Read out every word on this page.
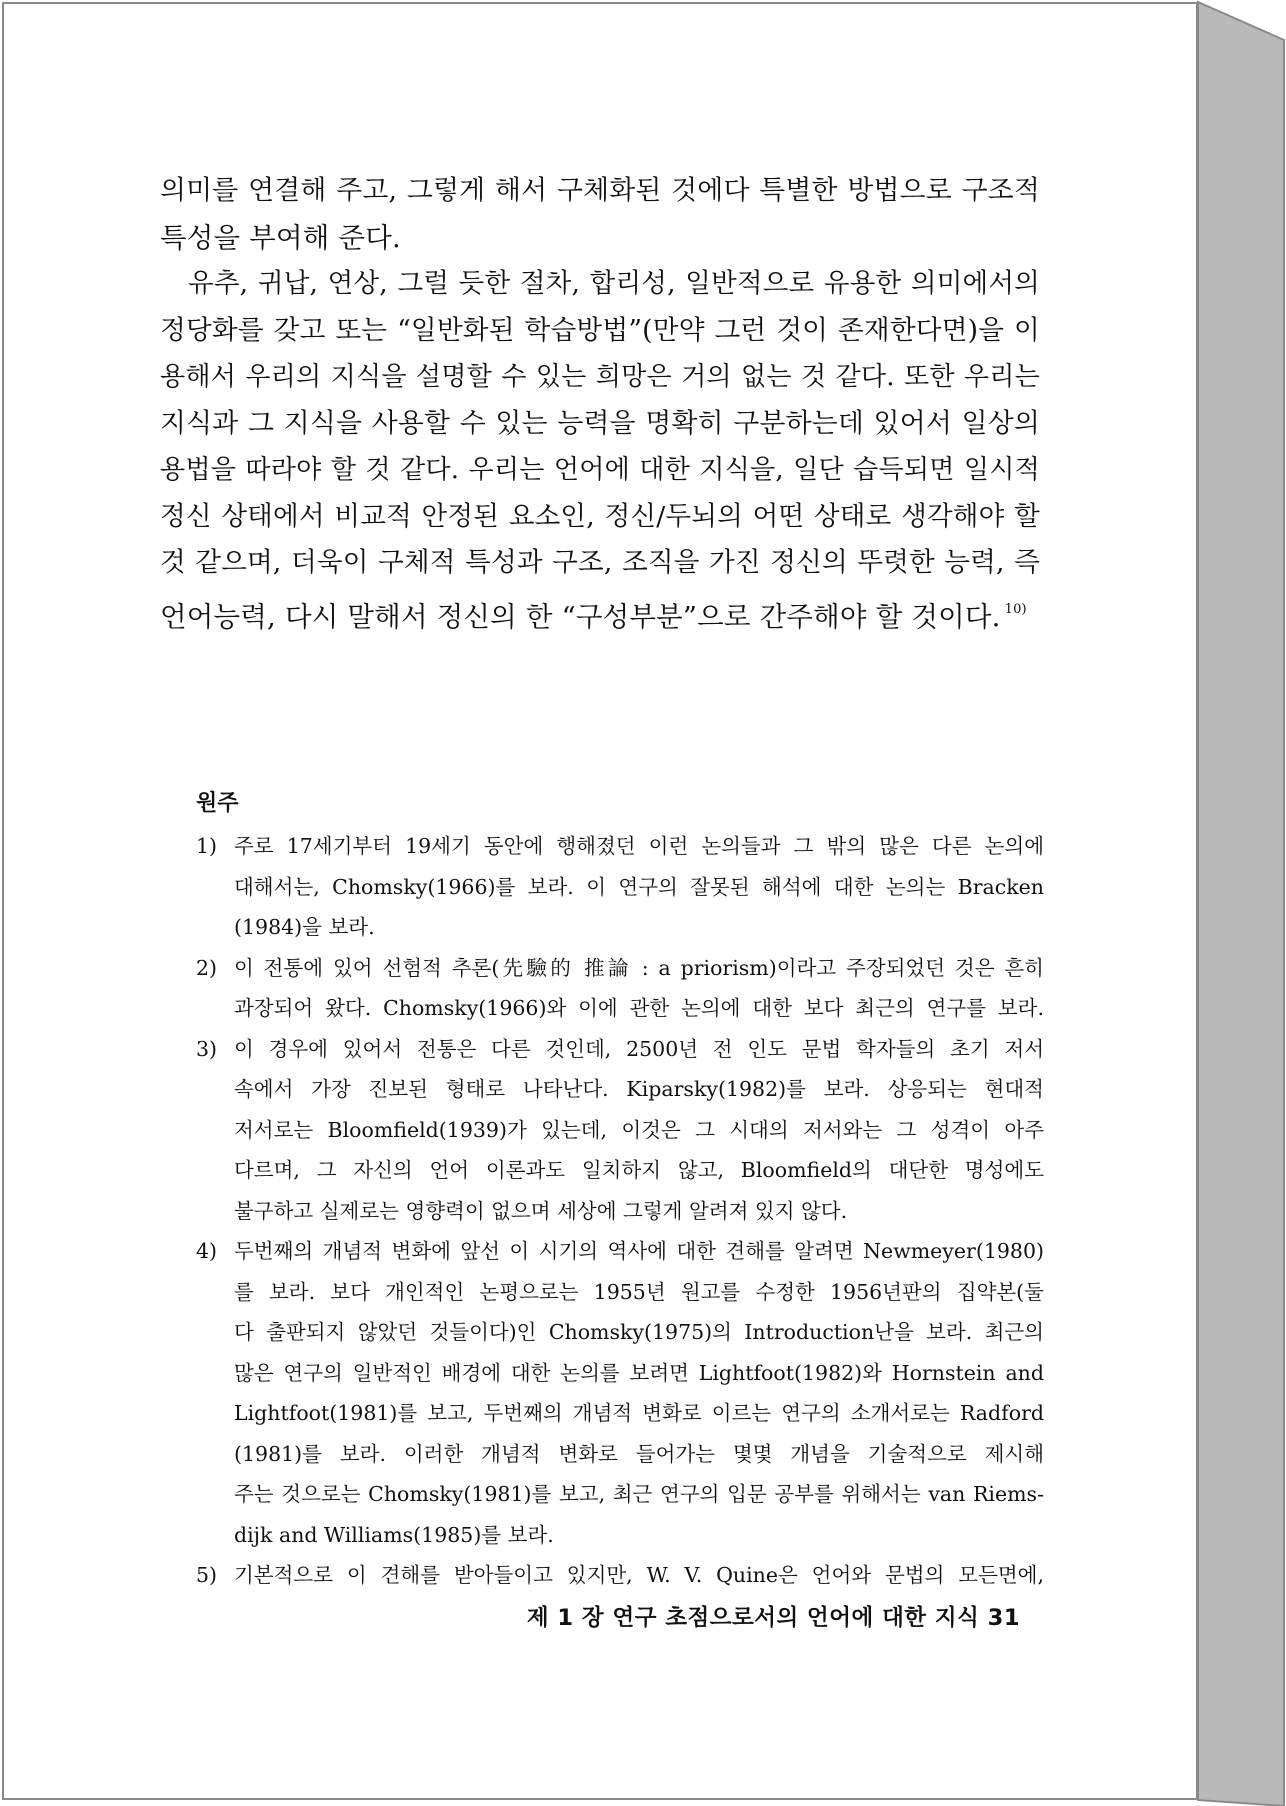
의미를 연결해 주고, 그렇게 해서 구체화된 것에다 특별한 방법으로 구조적
특성을 부여해 준다.

유추, 귀납, 연상, 그럴 듯한 절차, 합리성, 일반적으로 유용한 의미에서의
정당화를 갖고 또는 “일반화된 학습방법”(만약 그런 것이 존재한다면)을 이
용해서 우리의 지식을 설명할 수 있는 희망은 거의 없는 것 같다. 또한 우리는
지식과 그 지식을 사용할 수 있는 능력을 명확히 구분하는데 있어서 일상의
용법을 따라야 할 것 같다. 우리는 언어에 대한 지식을, 일단 습득되면 일시적
정신 상태에서 비교적 안정된 요소인, 정신/두뇌의 어떤 상태로 생각해야 할
것 같으며, 더욱이 구체적 특성과 구조, 조직을 가진 정신의 뚜렷한 능력, 즉
언어능력, 다시 말해서 정신의 한 “구성부분”으로 간주해야 할 것이다. $^{10)}$

원주
1) 주로 17세기부터 19세기 동안에 행해졌던 이런 논의들과 그 밖의 많은 다른 논의에
대해서는, Chomsky(1966)를 보라. 이 연구의 잘못된 해석에 대한 논의는 Bracken
(1984)을 보라.
2) 이 전통에 있어 선험적 추론(先驗的 推論 : a priorism)이라고 주장되었던 것은 흔히
과장되어 왔다. Chomsky(1966)와 이에 관한 논의에 대한 보다 최근의 연구를 보라.
3) 이 경우에 있어서 전통은 다른 것인데, 2500년 전 인도 문법 학자들의 초기 저서
속에서 가장 진보된 형태로 나타난다. Kiparsky(1982)를 보라. 상응되는 현대적
저서로는 Bloomfield(1939)가 있는데, 이것은 그 시대의 저서와는 그 성격이 아주
다르며, 그 자신의 언어 이론과도 일치하지 않고, Bloomfield의 대단한 명성에도
불구하고 실제로는 영향력이 없으며 세상에 그렇게 알려져 있지 않다.
4) 두번째의 개념적 변화에 앞선 이 시기의 역사에 대한 견해를 알려면 Newmeyer(1980)
를 보라. 보다 개인적인 논평으로는 1955년 원고를 수정한 1956년판의 집약본(둘
다 출판되지 않았던 것들이다)인 Chomsky(1975)의 Introduction난을 보라. 최근의
많은 연구의 일반적인 배경에 대한 논의를 보려면 Lightfoot(1982)와 Hornstein and
Lightfoot(1981)를 보고, 두번째의 개념적 변화로 이르는 연구의 소개서로는 Radford
(1981)를 보라. 이러한 개념적 변화로 들어가는 몇몇 개념을 기술적으로 제시해
주는 것으로는 Chomsky(1981)를 보고, 최근 연구의 입문 공부를 위해서는 van Riems-
dijk and Williams(1985)를 보라.
5) 기본적으로 이 견해를 받아들이고 있지만, W. V. Quine은 언어와 문법의 모든면에,
제 1 장 연구 초점으로서의 언어에 대한 지식 31
